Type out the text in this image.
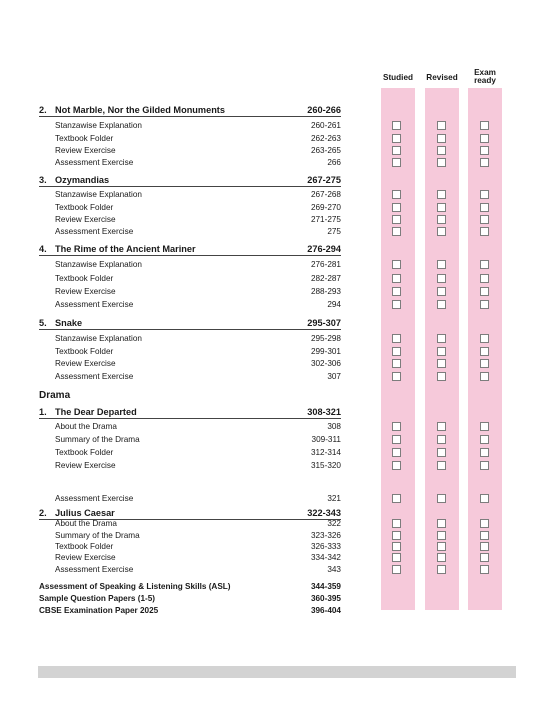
Studied	Revised
Exam
ready
2. Not Marble, Nor the Gilded Monuments	260-266
Stanzawise Explanation	260-261
Textbook Folder	262-263
Review Exercise	263-265
Assessment Exercise	266
3. Ozymandias	267-275
Stanzawise Explanation	267-268
Textbook Folder	269-270
Review Exercise	271-275
Assessment Exercise	275
4. The Rime of the Ancient Mariner	276-294
Stanzawise Explanation	276-281
Textbook Folder	282-287
Review Exercise	288-293
Assessment Exercise	294
5. Snake	295-307
Stanzawise Explanation	295-298
Textbook Folder	299-301
Review Exercise	302-306
Assessment Exercise	307
Drama
1. The Dear Departed	308-321
About the Drama	308
Summary of the Drama	309-311
Textbook Folder	312-314
Review Exercise	315-320
Assessment Exercise	321
2. Julius Caesar	322-343
About the Drama	322
Summary of the Drama	323-326
Textbook Folder	326-333
Review Exercise	334-342
Assessment Exercise	343
Assessment of Speaking & Listening Skills (ASL)	344-359
Sample Question Papers (1-5)	360-395
CBSE Examination Paper 2025	396-404
